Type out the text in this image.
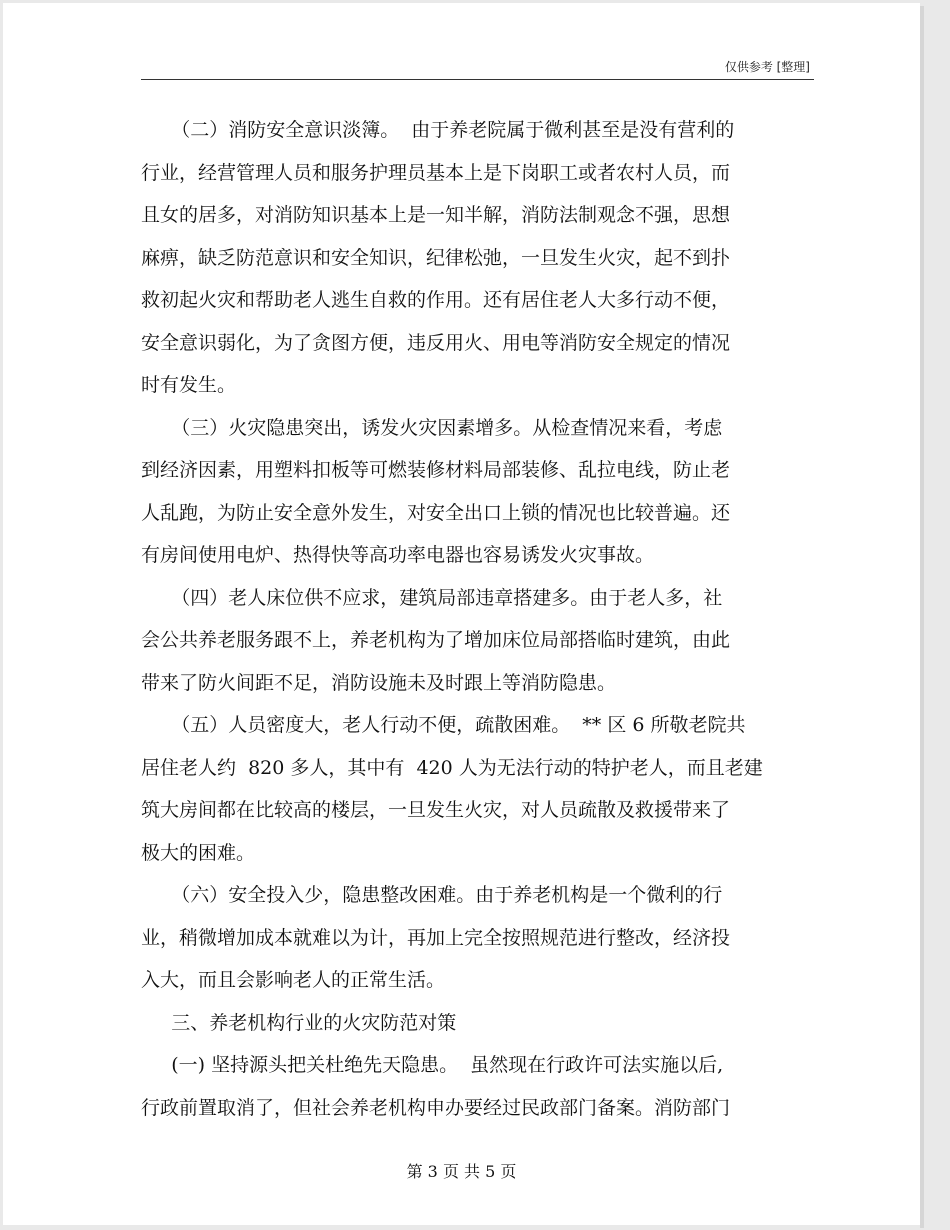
仅供参考 [整理]
（二）消防安全意识淡簿。  由于养老院属于微利甚至是没有营利的
行业，经营管理人员和服务护理员基本上是下岗职工或者农村人员，而
且女的居多，对消防知识基本上是一知半解，消防法制观念不强，思想
麻痹，缺乏防范意识和安全知识，纪律松弛，一旦发生火灾，起不到扑
救初起火灾和帮助老人逃生自救的作用。还有居住老人大多行动不便，
安全意识弱化，为了贪图方便，违反用火、用电等消防安全规定的情况
时有发生。
（三）火灾隐患突出，诱发火灾因素增多。从检查情况来看，考虑
到经济因素，用塑料扣板等可燃装修材料局部装修、乱拉电线，防止老
人乱跑，为防止安全意外发生，对安全出口上锁的情况也比较普遍。还
有房间使用电炉、热得快等高功率电器也容易诱发火灾事故。
（四）老人床位供不应求，建筑局部违章搭建多。由于老人多，社
会公共养老服务跟不上，养老机构为了增加床位局部搭临时建筑，由此
带来了防火间距不足，消防设施未及时跟上等消防隐患。
（五）人员密度大，老人行动不便，疏散困难。  ** 区 6 所敬老院共
居住老人约  820 多人，其中有  420 人为无法行动的特护老人，而且老建
筑大房间都在比较高的楼层，一旦发生火灾，对人员疏散及救援带来了
极大的困难。
（六）安全投入少，隐患整改困难。由于养老机构是一个微利的行
业，稍微增加成本就难以为计，再加上完全按照规范进行整改，经济投
入大，而且会影响老人的正常生活。
三、养老机构行业的火灾防范对策
(一) 坚持源头把关杜绝先天隐患。  虽然现在行政许可法实施以后,
行政前置取消了，但社会养老机构申办要经过民政部门备案。消防部门
第 3 页 共 5 页
